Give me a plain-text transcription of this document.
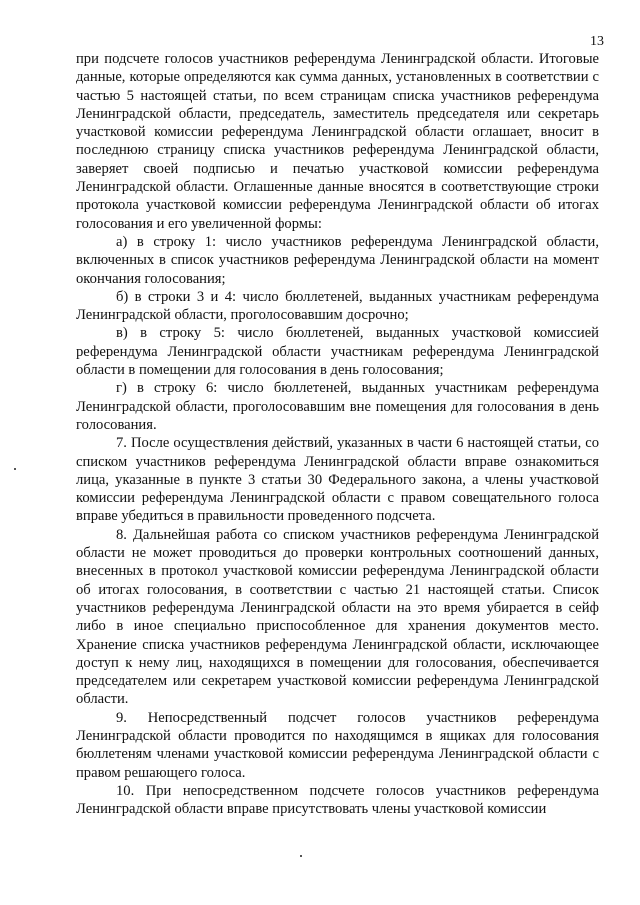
13

при подсчете голосов участников референдума Ленинградской области. Итоговые данные, которые определяются как сумма данных, установленных в соответствии с частью 5 настоящей статьи, по всем страницам списка участников референдума Ленинградской области, председатель, заместитель председателя или секретарь участковой комиссии референдума Ленинградской области оглашает, вносит в последнюю страницу списка участников референдума Ленинградской области, заверяет своей подписью и печатью участковой комиссии референдума Ленинградской области. Оглашенные данные вносятся в соответствующие строки протокола участковой комиссии референдума Ленинградской области об итогах голосования и его увеличенной формы:

а) в строку 1: число участников референдума Ленинградской области, включенных в список участников референдума Ленинградской области на момент окончания голосования;

б) в строки 3 и 4: число бюллетеней, выданных участникам референдума Ленинградской области, проголосовавшим досрочно;

в) в строку 5: число бюллетеней, выданных участковой комиссией референдума Ленинградской области участникам референдума Ленинградской области в помещении для голосования в день голосования;

г) в строку 6: число бюллетеней, выданных участникам референдума Ленинградской области, проголосовавшим вне помещения для голосования в день голосования.

7. После осуществления действий, указанных в части 6 настоящей статьи, со списком участников референдума Ленинградской области вправе ознакомиться лица, указанные в пункте 3 статьи 30 Федерального закона, а члены участковой комиссии референдума Ленинградской области с правом совещательного голоса вправе убедиться в правильности проведенного подсчета.

8. Дальнейшая работа со списком участников референдума Ленинградской области не может проводиться до проверки контрольных соотношений данных, внесенных в протокол участковой комиссии референдума Ленинградской области об итогах голосования, в соответствии с частью 21 настоящей статьи. Список участников референдума Ленинградской области на это время убирается в сейф либо в иное специально приспособленное для хранения документов место. Хранение списка участников референдума Ленинградской области, исключающее доступ к нему лиц, находящихся в помещении для голосования, обеспечивается председателем или секретарем участковой комиссии референдума Ленинградской области.

9. Непосредственный подсчет голосов участников референдума Ленинградской области проводится по находящимся в ящиках для голосования бюллетеням членами участковой комиссии референдума Ленинградской области с правом решающего голоса.

10. При непосредственном подсчете голосов участников референдума Ленинградской области вправе присутствовать члены участковой комиссии
